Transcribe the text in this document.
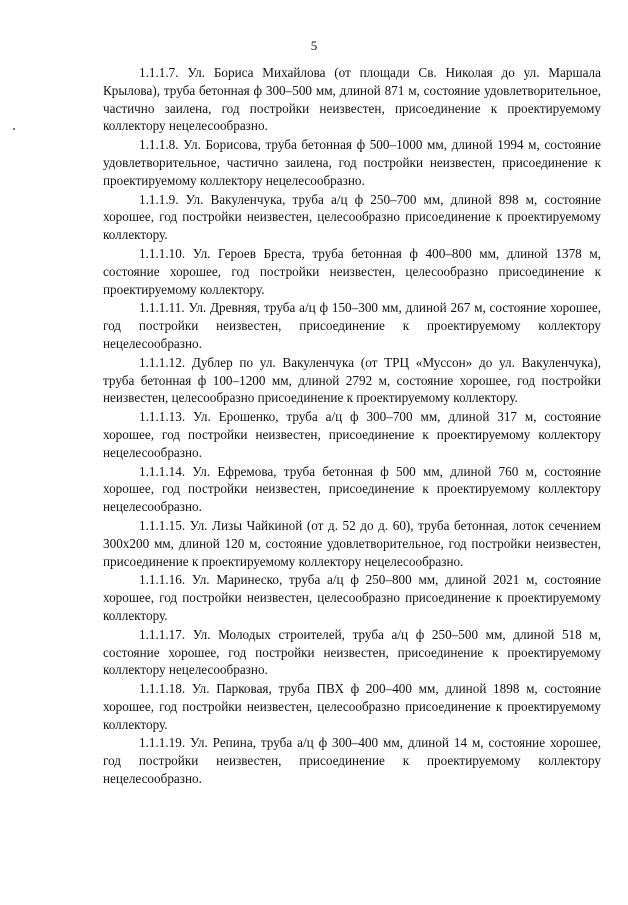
5

1.1.1.7. Ул. Бориса Михайлова (от площади Св. Николая до ул. Маршала Крылова), труба бетонная ф 300–500 мм, длиной 871 м, состояние удовлетворительное, частично заилена, год постройки неизвестен, присоединение к проектируемому коллектору нецелесообразно.

1.1.1.8. Ул. Борисова, труба бетонная ф 500–1000 мм, длиной 1994 м, состояние удовлетворительное, частично заилена, год постройки неизвестен, присоединение к проектируемому коллектору нецелесообразно.

1.1.1.9. Ул. Вакуленчука, труба а/ц ф 250–700 мм, длиной 898 м, состояние хорошее, год постройки неизвестен, целесообразно присоединение к проектируемому коллектору.

1.1.1.10. Ул. Героев Бреста, труба бетонная ф 400–800 мм, длиной 1378 м, состояние хорошее, год постройки неизвестен, целесообразно присоединение к проектируемому коллектору.

1.1.1.11. Ул. Древняя, труба а/ц ф 150–300 мм, длиной 267 м, состояние хорошее, год постройки неизвестен, присоединение к проектируемому коллектору нецелесообразно.

1.1.1.12. Дублер по ул. Вакуленчука (от ТРЦ «Муссон» до ул. Вакуленчука), труба бетонная ф 100–1200 мм, длиной 2792 м, состояние хорошее, год постройки неизвестен, целесообразно присоединение к проектируемому коллектору.

1.1.1.13. Ул. Ерошенко, труба а/ц ф 300–700 мм, длиной 317 м, состояние хорошее, год постройки неизвестен, присоединение к проектируемому коллектору нецелесообразно.

1.1.1.14. Ул. Ефремова, труба бетонная ф 500 мм, длиной 760 м, состояние хорошее, год постройки неизвестен, присоединение к проектируемому коллектору нецелесообразно.

1.1.1.15. Ул. Лизы Чайкиной (от д. 52 до д. 60), труба бетонная, лоток сечением 300х200 мм, длиной 120 м, состояние удовлетворительное, год постройки неизвестен, присоединение к проектируемому коллектору нецелесообразно.

1.1.1.16. Ул. Маринеско, труба а/ц ф 250–800 мм, длиной 2021 м, состояние хорошее, год постройки неизвестен, целесообразно присоединение к проектируемому коллектору.

1.1.1.17. Ул. Молодых строителей, труба а/ц ф 250–500 мм, длиной 518 м, состояние хорошее, год постройки неизвестен, присоединение к проектируемому коллектору нецелесообразно.

1.1.1.18. Ул. Парковая, труба ПВХ ф 200–400 мм, длиной 1898 м, состояние хорошее, год постройки неизвестен, целесообразно присоединение к проектируемому коллектору.

1.1.1.19. Ул. Репина, труба а/ц ф 300–400 мм, длиной 14 м, состояние хорошее, год постройки неизвестен, присоединение к проектируемому коллектору нецелесообразно.
